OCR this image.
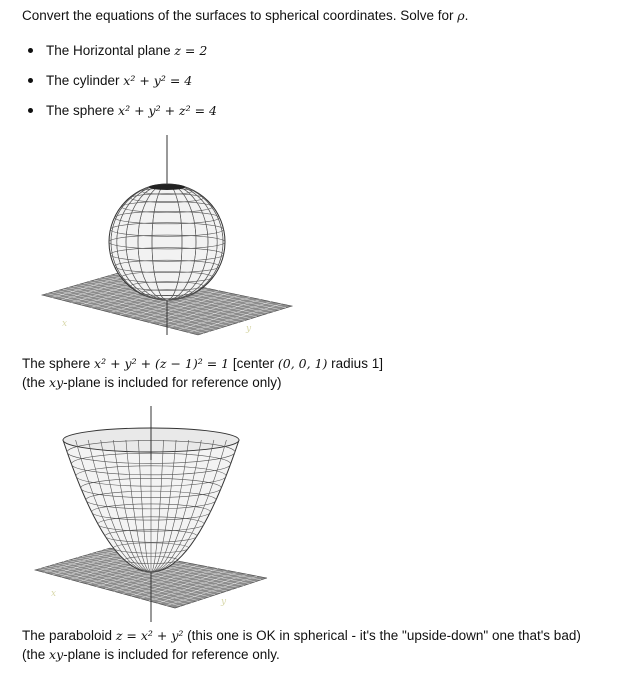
Convert the equations of the surfaces to spherical coordinates. Solve for ρ.
The Horizontal plane z = 2
The cylinder x² + y² = 4
The sphere x² + y² + z² = 4
x	y
The sphere x² + y² + (z − 1)² = 1 [center (0, 0, 1) radius 1]
(the xy-plane is included for reference only)
x
y
The paraboloid z = x² + y² (this one is OK in spherical - it's the "upside-down" one that's bad)
(the xy-plane is included for reference only.
